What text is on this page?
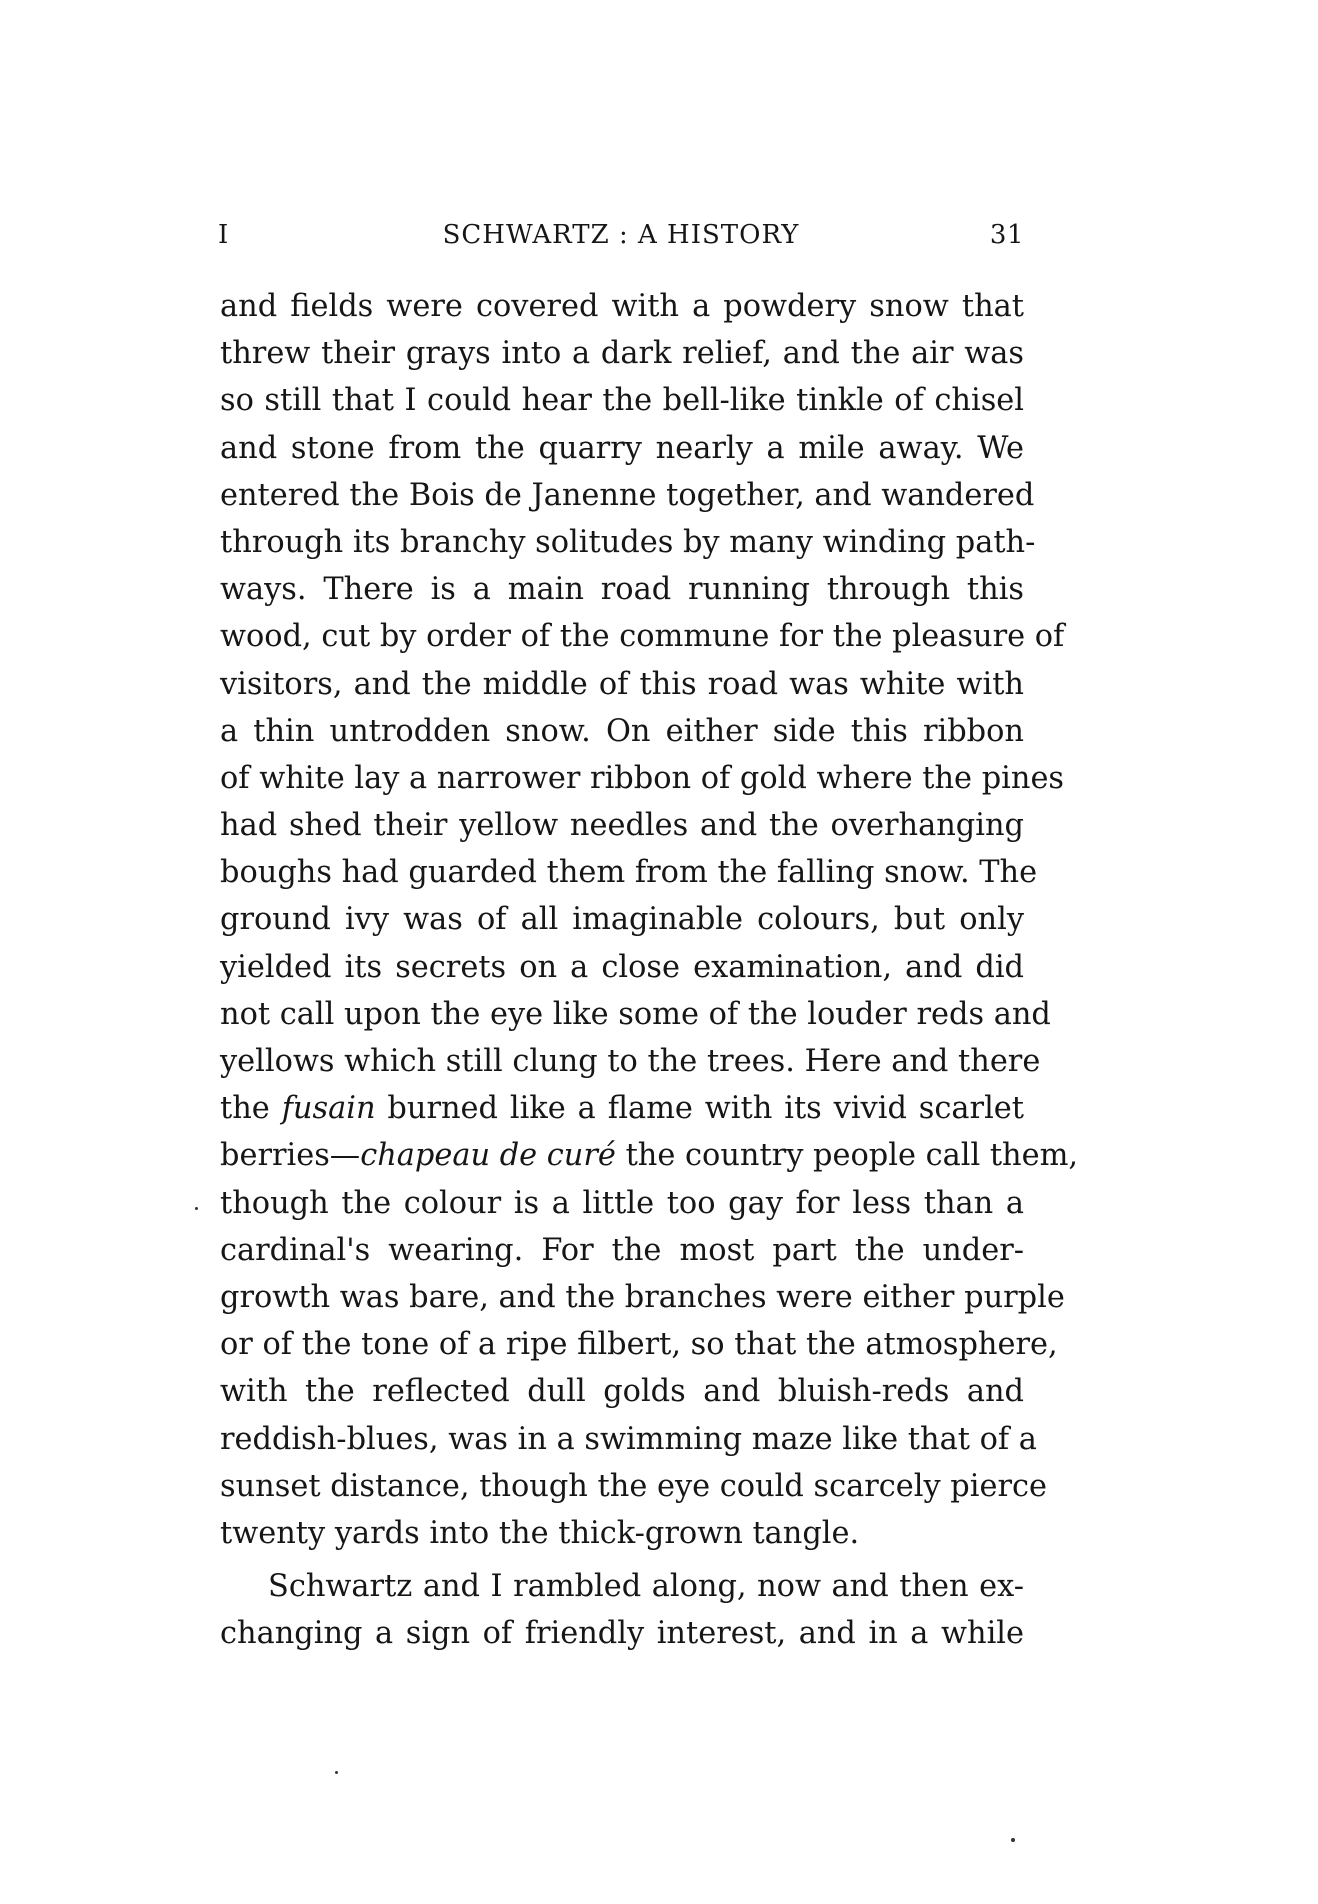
I	SCHWARTZ : A HISTORY	31
and fields were covered with a powdery snow that
threw their grays into a dark relief, and the air was
so still that I could hear the bell-like tinkle of chisel
and stone from the quarry nearly a mile away. We
entered the Bois de Janenne together, and wandered
through its branchy solitudes by many winding path-
ways. There is a main road running through this
wood, cut by order of the commune for the pleasure of
visitors, and the middle of this road was white with
a thin untrodden snow. On either side this ribbon
of white lay a narrower ribbon of gold where the pines
had shed their yellow needles and the overhanging
boughs had guarded them from the falling snow. The
ground ivy was of all imaginable colours, but only
yielded its secrets on a close examination, and did
not call upon the eye like some of the louder reds and
yellows which still clung to the trees. Here and there
the fusain burned like a flame with its vivid scarlet
berries—chapeau de curé the country people call them,
though the colour is a little too gay for less than a
cardinal's wearing. For the most part the under-
growth was bare, and the branches were either purple
or of the tone of a ripe filbert, so that the atmosphere,
with the reflected dull golds and bluish-reds and
reddish-blues, was in a swimming maze like that of a
sunset distance, though the eye could scarcely pierce
twenty yards into the thick-grown tangle.
Schwartz and I rambled along, now and then ex-
changing a sign of friendly interest, and in a while
